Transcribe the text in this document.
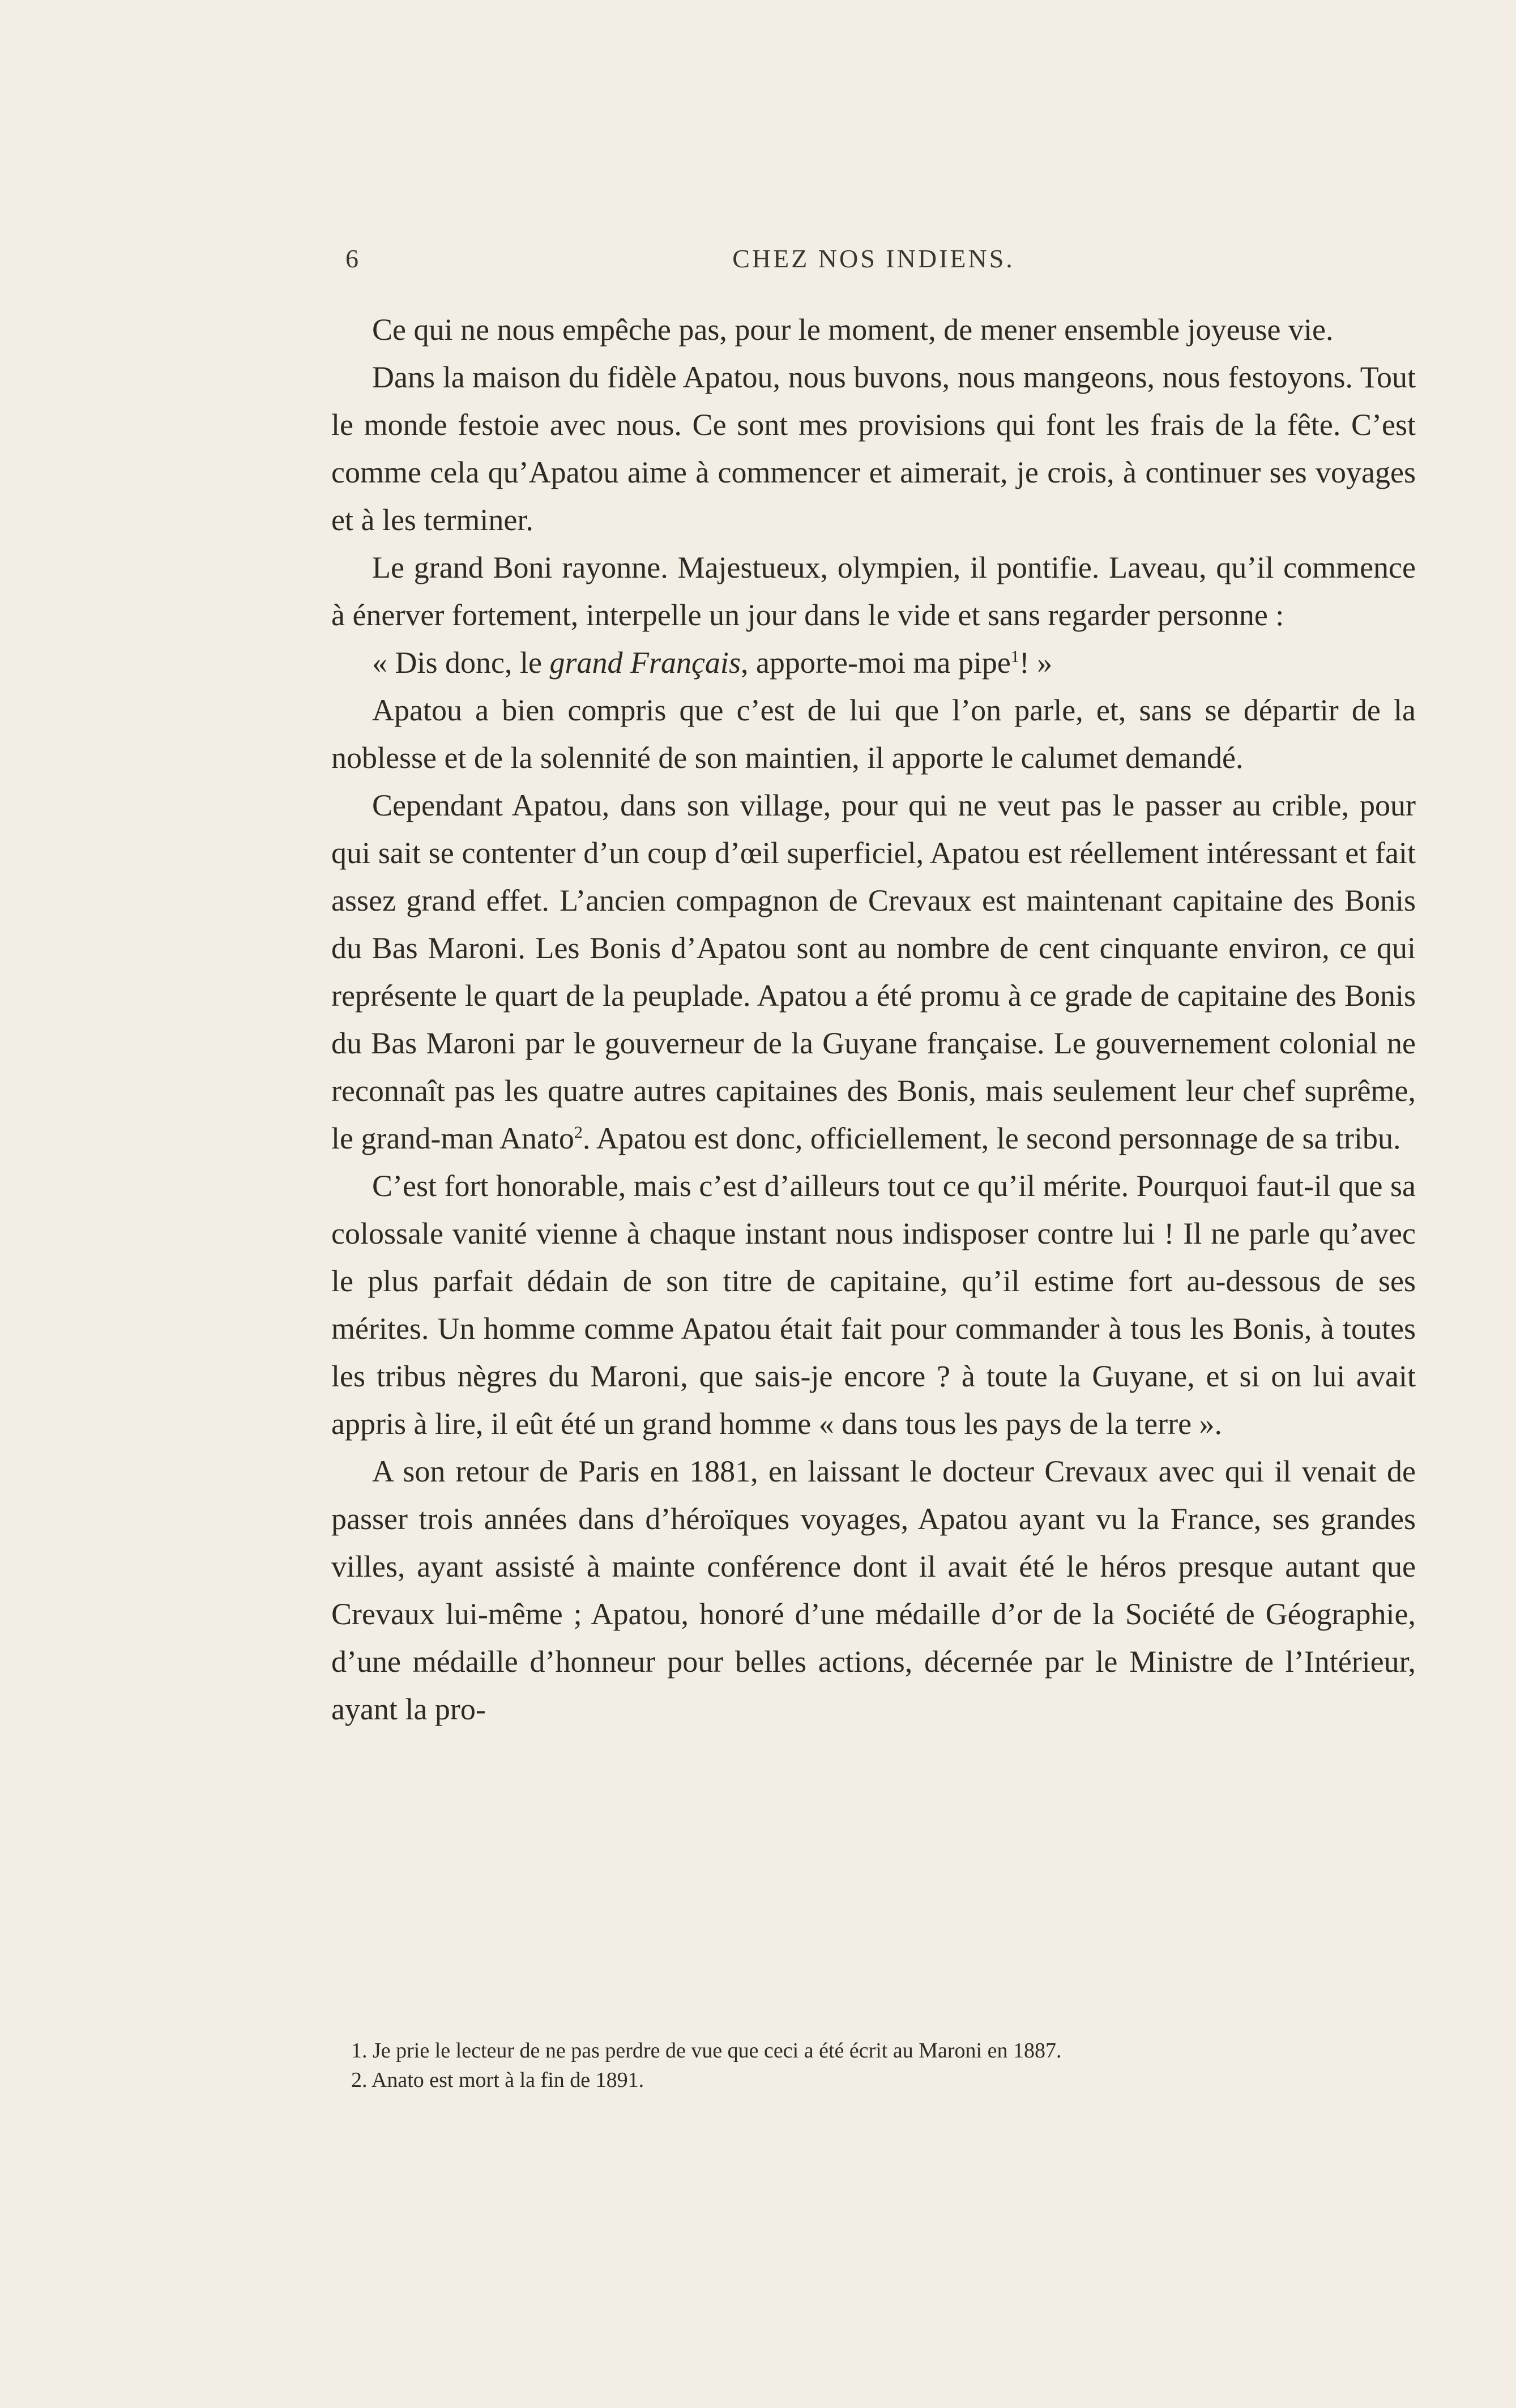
6	CHEZ NOS INDIENS.

Ce qui ne nous empêche pas, pour le moment, de mener ensemble joyeuse vie.

Dans la maison du fidèle Apatou, nous buvons, nous mangeons, nous festoyons. Tout le monde festoie avec nous. Ce sont mes provisions qui font les frais de la fête. C’est comme cela qu’Apatou aime à commencer et aimerait, je crois, à continuer ses voyages et à les terminer.

Le grand Boni rayonne. Majestueux, olympien, il pontifie. Laveau, qu’il commence à énerver fortement, interpelle un jour dans le vide et sans regarder personne :

« Dis donc, le grand Français, apporte-moi ma pipe$^1$! »

Apatou a bien compris que c’est de lui que l’on parle, et, sans se départir de la noblesse et de la solennité de son maintien, il apporte le calumet demandé.

Cependant Apatou, dans son village, pour qui ne veut pas le passer au crible, pour qui sait se contenter d’un coup d’œil superficiel, Apatou est réellement intéressant et fait assez grand effet. L’ancien compagnon de Crevaux est maintenant capitaine des Bonis du Bas Maroni. Les Bonis d’Apatou sont au nombre de cent cinquante environ, ce qui représente le quart de la peuplade. Apatou a été promu à ce grade de capitaine des Bonis du Bas Maroni par le gouverneur de la Guyane française. Le gouvernement colonial ne reconnaît pas les quatre autres capitaines des Bonis, mais seulement leur chef suprême, le grand-man Anato$^2$. Apatou est donc, officiellement, le second personnage de sa tribu.

C’est fort honorable, mais c’est d’ailleurs tout ce qu’il mérite. Pourquoi faut-il que sa colossale vanité vienne à chaque instant nous indisposer contre lui ! Il ne parle qu’avec le plus parfait dédain de son titre de capitaine, qu’il estime fort au-dessous de ses mérites. Un homme comme Apatou était fait pour commander à tous les Bonis, à toutes les tribus nègres du Maroni, que sais-je encore ? à toute la Guyane, et si on lui avait appris à lire, il eût été un grand homme « dans tous les pays de la terre ».

A son retour de Paris en 1881, en laissant le docteur Crevaux avec qui il venait de passer trois années dans d’héroïques voyages, Apatou ayant vu la France, ses grandes villes, ayant assisté à mainte conférence dont il avait été le héros presque autant que Crevaux lui-même ; Apatou, honoré d’une médaille d’or de la Société de Géographie, d’une médaille d’honneur pour belles actions, décernée par le Ministre de l’Intérieur, ayant la pro-

1. Je prie le lecteur de ne pas perdre de vue que ceci a été écrit au Maroni en 1887.

2. Anato est mort à la fin de 1891.
